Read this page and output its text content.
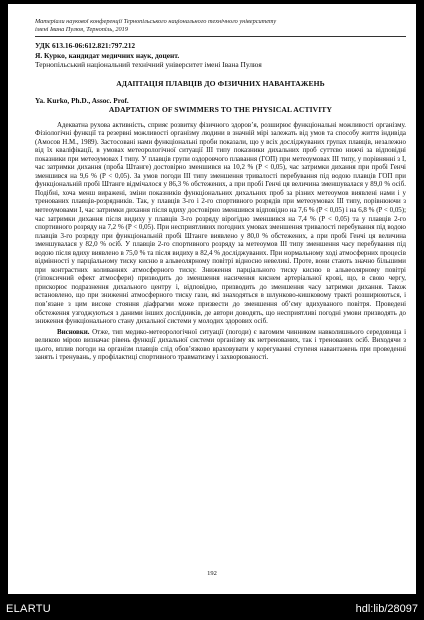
Матеріали наукової конференції Тернопільського національного технічного університету
імені Івана Пулюя, Тернопіль, 2019
УДК 613.16-06:612.821:797.212
Я. Курко, кандидат медичних наук, доцент.
Тернопільський національний технічний університет імені Івана Пулюя
АДАПТАЦІЯ ПЛАВЦІВ ДО ФІЗИЧНИХ НАВАНТАЖЕНЬ
Ya. Kurko, Ph.D., Assoc. Prof.
ADAPTATION OF SWIMMERS TO THE PHYSICAL ACTIVITY

Адекватна рухова активність, сприяє розвитку фізичного здоров’я, розширює функціональні можливості організму. Фізіологічні функції та резервні можливості організму людини в значній мірі залежать від умов та способу життя індивіда (Амосов Н.М., 1989). Застосовані нами функціональні проби показали, що у всіх досліджуваних групах плавців, незалежно від їх кваліфікації, в умовах метеорологічної ситуації III типу показники дихальних проб суттєво нижчі за відповідні показники при метеоумовах I типу. У плавців групи оздоровчого плавання (ГОП) при метеоумовах III типу, у порівнянні з I, час затримки дихання (проба Штанге) достовірно зменшився на 10,2 % (P < 0,05), час затримки дихання при пробі Генчі зменшився на 9,6 % (P < 0,05). За умов погоди III типу зменшення тривалості перебування під водою плавців ГОП при функціональній пробі Штанге відмічалося у 86,3 % обстежених, а при пробі Генчі ця величина зменшувалася у 89,0 % осіб. Подібні, хоча менш виражені, зміни показників функціональних дихальних проб за різних метеоумов виявлені нами і у тренованих плавців-розрядників. Так, у плавців 3-го і 2-го спортивного розрядів при метеоумовах III типу, порівнюючи з метеоумовами I, час затримки дихання після вдиху достовірно зменшився відповідно на 7,6 % (P < 0,05) і на 6,8 % (P < 0,05); час затримки дихання після видиху у плавців 3-го розряду вірогідно зменшився на 7,4 % (P < 0,05) та у плавців 2-го спортивного розряду на 7,2 % (P < 0,05). При несприятливих погодних умовах зменшення тривалості перебування під водою плавців 3-го розряду при функціональній пробі Штанге виявлено у 80,0 % обстежених, а при пробі Генчі ця величина зменшувалася у 82,0 % осіб. У плавців 2-го спортивного розряду за метеоумов III типу зменшення часу перебування під водою після вдиху виявлено в 75,0 % та після видиху в 82,4 % досліджуваних. При нормальному ході атмосферних процесів відмінності у парціальному тиску кисню в альвеолярному повітрі відносно невеликі. Проте, вони стають значно більшими при контрастних коливаннях атмосферного тиску. Зниження парціального тиску кисню в альвеолярному повітрі (гіпоксичний ефект атмосфери) призводить до зменшення насичення киснем артеріальної крові, що, в свою чергу, прискорює подразнення дихального центру і, відповідно, призводить до зменшення часу затримки дихання. Також встановлено, що при зниженні атмосферного тиску гази, які знаходяться в шлунково-кишковому тракті розширюються, і пов’язане з цим високе стояння діафрагми може призвести до зменшення об’єму вдихуваного повітря. Проведені обстеження узгоджуються з даними інших дослідників, де автори доводять, що несприятливі погодні умови призводять до зниження функціонального стану дихальної системи у молодих здорових осіб.

Висновки. Отже, тип медико-метеорологічної ситуації (погоди) є вагомим чинником навколишнього середовища і великою мірою визначає рівень функції дихальної системи організму як нетренованих, так і тренованих осіб. Виходячи з цього, вплив погоди на організм плавців слід обов’язково враховувати у корегуванні ступеня навантажень при проведенні занять і тренувань, у профілактиці спортивного травматизму і захворюваності.

192
ELARTU	hdl:lib/28097
